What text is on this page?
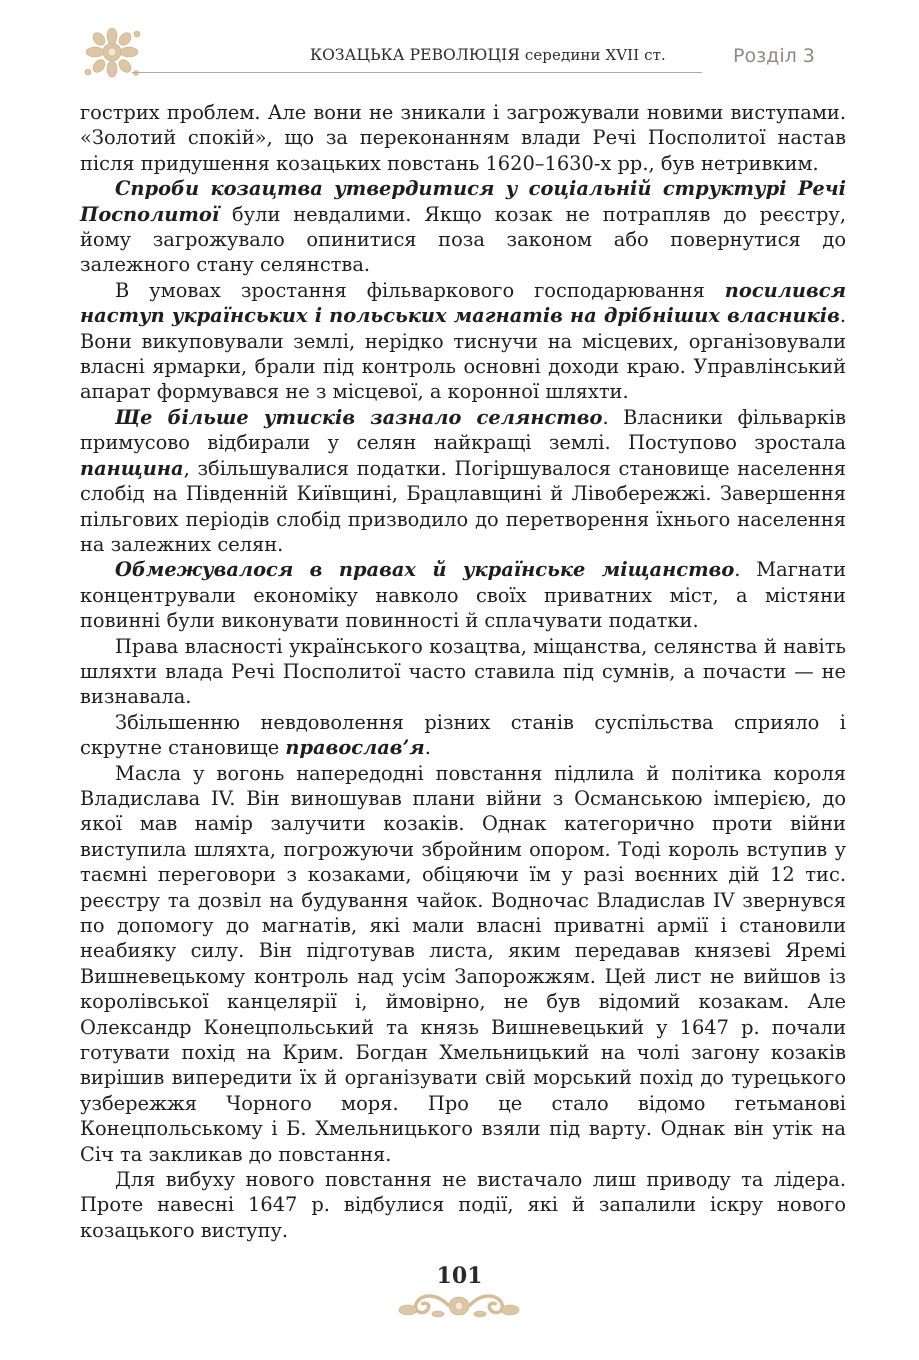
КОЗАЦЬКА РЕВОЛЮЦІЯ середини XVII ст.	Розділ 3

гострих проблем. Але вони не зникали і загрожували новими виступами. «Золотий спокій», що за переконанням влади Речі Посполитої настав після придушення козацьких повстань 1620–1630-х рр., був нетривким.

Спроби козацтва утвердитися у соціальній структурі Речі Посполитої були невдалими. Якщо козак не потрапляв до реєстру, йому загрожувало опинитися поза законом або повернутися до залежного стану селянства.

В умовах зростання фільваркового господарювання посилився наступ українських і польських магнатів на дрібніших власників. Вони викуповували землі, нерідко тиснучи на місцевих, організовували власні ярмарки, брали під контроль основні доходи краю. Управлінський апарат формувався не з місцевої, а коронної шляхти.

Ще більше утисків зазнало селянство. Власники фільварків примусово відбирали у селян найкращі землі. Поступово зростала панщина, збільшувалися податки. Погіршувалося становище населення слобід на Південній Київщині, Брацлавщині й Лівобережжі. Завершення пільгових періодів слобід призводило до перетворення їхнього населення на залежних селян.

Обмежувалося в правах й українське міщанство. Магнати концентрували економіку навколо своїх приватних міст, а містяни повинні були виконувати повинності й сплачувати податки.

Права власності українського козацтва, міщанства, селянства й навіть шляхти влада Речі Посполитої часто ставила під сумнів, а почасти — не визнавала.

Збільшенню невдоволення різних станів суспільства сприяло і скрутне становище православ’я.

Масла у вогонь напередодні повстання підлила й політика короля Владислава IV. Він виношував плани війни з Османською імперією, до якої мав намір залучити козаків. Однак категорично проти війни виступила шляхта, погрожуючи збройним опором. Тоді король вступив у таємні переговори з козаками, обіцяючи їм у разі воєнних дій 12 тис. реєстру та дозвіл на будування чайок. Водночас Владислав IV звернувся по допомогу до магнатів, які мали власні приватні армії і становили неабияку силу. Він підготував листа, яким передавав князеві Яремі Вишневецькому контроль над усім Запорожжям. Цей лист не вийшов із королівської канцелярії і, ймовірно, не був відомий козакам. Але Олександр Конецпольський та князь Вишневецький у 1647 р. почали готувати похід на Крим. Богдан Хмельницький на чолі загону козаків вирішив випередити їх й організувати свій морський похід до турецького узбережжя Чорного моря. Про це стало відомо гетьманові Конецпольському і Б. Хмельницького взяли під варту. Однак він утік на Січ та закликав до повстання.

Для вибуху нового повстання не вистачало лиш приводу та лідера. Проте навесні 1647 р. відбулися події, які й запалили іскру нового козацького виступу.

101
